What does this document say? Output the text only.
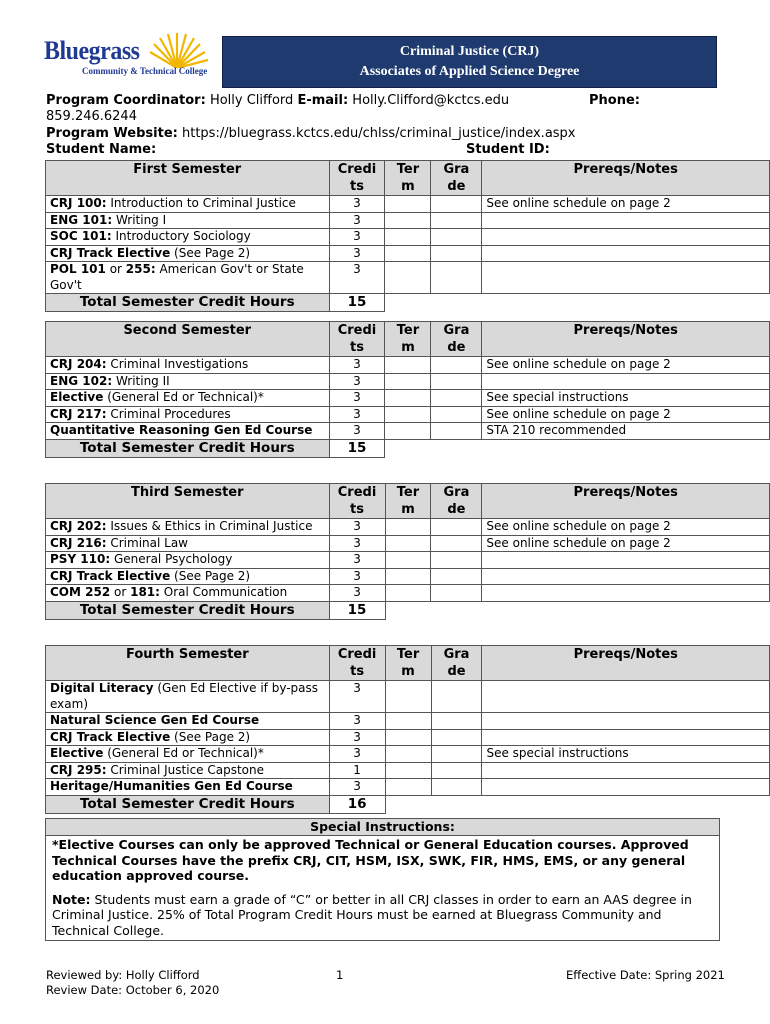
Bluegrass
Community & Technical College
Criminal Justice (CRJ)
Associates of Applied Science Degree
Program Coordinator: Holly Clifford E-mail: Holly.Clifford@kctcs.edu	Phone:
859.246.6244
Program Website: https://bluegrass.kctcs.edu/chlss/criminal_justice/index.aspx
Student Name:	Student ID:
First Semester	Credi ts	Ter m	Gra de	Prereqs/Notes
CRJ 100: Introduction to Criminal Justice	3			See online schedule on page 2
ENG 101: Writing I	3			
SOC 101: Introductory Sociology	3			
CRJ Track Elective (See Page 2)	3			
POL 101 or 255: American Gov't or State Gov't	3			
Total Semester Credit Hours	15			
Second Semester	Credi ts	Ter m	Gra de	Prereqs/Notes
CRJ 204: Criminal Investigations	3			See online schedule on page 2
ENG 102: Writing II	3			
Elective (General Ed or Technical)*	3			See special instructions
CRJ 217: Criminal Procedures	3			See online schedule on page 2
Quantitative Reasoning Gen Ed Course	3			STA 210 recommended
Total Semester Credit Hours	15			
Third Semester	Credi ts	Ter m	Gra de	Prereqs/Notes
CRJ 202: Issues & Ethics in Criminal Justice	3			See online schedule on page 2
CRJ 216: Criminal Law	3			See online schedule on page 2
PSY 110: General Psychology	3			
CRJ Track Elective (See Page 2)	3			
COM 252 or 181: Oral Communication	3			
Total Semester Credit Hours	15			
Fourth Semester	Credi ts	Ter m	Gra de	Prereqs/Notes
Digital Literacy (Gen Ed Elective if by-pass exam)	3			
Natural Science Gen Ed Course	3			
CRJ Track Elective (See Page 2)	3			
Elective (General Ed or Technical)*	3			See special instructions
CRJ 295: Criminal Justice Capstone	1			
Heritage/Humanities Gen Ed Course	3			
Total Semester Credit Hours	16			
Special Instructions:
*Elective Courses can only be approved Technical or General Education courses. Approved Technical Courses have the prefix CRJ, CIT, HSM, ISX, SWK, FIR, HMS, EMS, or any general education approved course.
Note: Students must earn a grade of “C” or better in all CRJ classes in order to earn an AAS degree in Criminal Justice. 25% of Total Program Credit Hours must be earned at Bluegrass Community and Technical College.
Reviewed by: Holly Clifford
Review Date: October 6, 2020
1	Effective Date: Spring 2021
